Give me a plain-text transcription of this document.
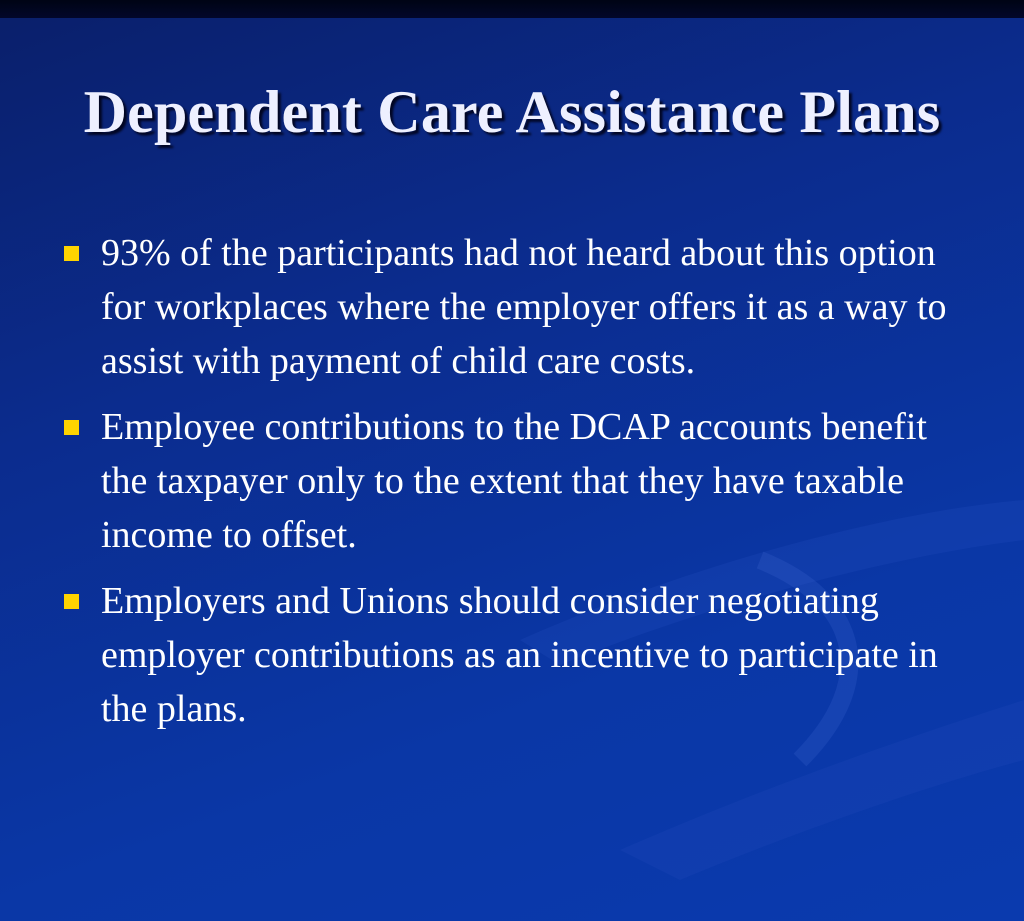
Dependent Care Assistance Plans
93% of the participants had not heard about this option for workplaces where the employer offers it as a way to assist with payment of child care costs.
Employee contributions to the DCAP accounts benefit the taxpayer only to the extent that they have taxable income to offset.
Employers and Unions should consider negotiating employer contributions as an incentive to participate in the plans.
